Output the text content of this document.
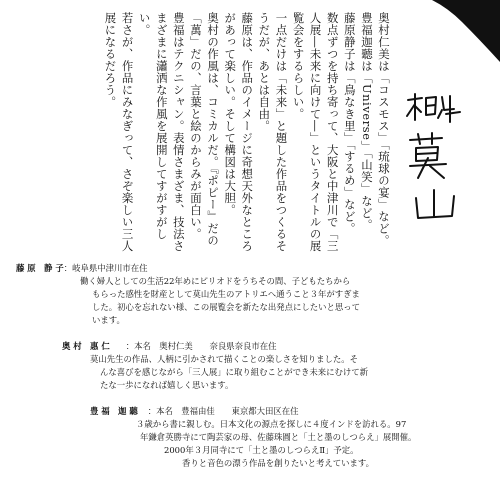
奥村仁美は「コスモス」「琉球の宴」など。

豊福迦聽は「Universe」「山笑」など。

藤原静子は「鳥なき里」「するめ」など。

数点ずつを持ち寄って、大阪と中津川で「三人展―未来に向けて―」というタイトルの展覧会をするらしい。

一点だけは「未来」と題した作品をつくるそうだが、あとは自由。

藤原は、作品のイメージに奇想天外なところがあって楽しい。そして構図は大胆。

奥村の作風は、コミカルだ。『ポピー』だの「萬」だの、言葉と絵のからみが面白い。

豊福はテクニシャン。表情さまざま、技法さまざまに瀟洒な作風を展開してすがすがしい。

若さが、作品にみなぎって、さぞ楽しい三人展になるだろう。

藤 原　静 子：岐阜県中津川市在住
働く婦人としての生活22年めにピリオドをうちその間、子どもたちから
もらった感性を財産として莫山先生のアトリエへ通うこと３年がすぎま
した。初心を忘れない様、この展覧会を新たな出発点にしたいと思って
います。
奥 村　惠 仁 ：本名　奥村仁美　　奈良県奈良市在住
莫山先生の作品、人柄に引かされて描くことの楽しさを知りました。そ
んな喜びを感じながら「三人展」に取り組むことができ未来にむけて新
たな一歩になれば嬉しく思います。
豊 福　迦 聽 ：本名　豊福由佳　　東京都大田区在住
３歳から書に親しむ。日本文化の源点を探しに４度インドを訪れる。97
年鎌倉英勝寺にて陶芸家の母、佐藤珠圓と「土と墨のしつらえ」展開催。
2000年３月同寺にて「土と墨のしつらえⅡ」予定。
香りと音色の漂う作品を創りたいと考えています。
